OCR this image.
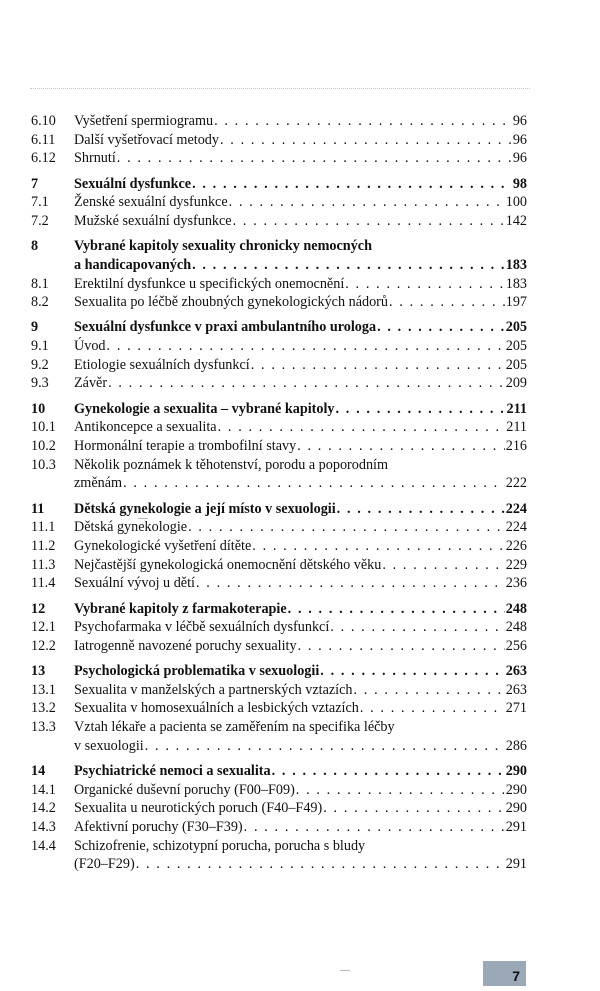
6.10 Vyšetření spermiogramu . . .	96
6.11 Další vyšetřovací metody . . .	96
6.12 Shrnutí . . .	96
7	Sexuální dysfunkce . . .	98
7.1 Ženské sexuální dysfunkce . . .	100
7.2 Mužské sexuální dysfunkce . . .	142
8	Vybrané kapitoly sexuality chronicky nemocných
a handicapovaných . . .	183
8.1 Erektilní dysfunkce u specifických onemocnění . . .	183
8.2 Sexualita po léčbě zhoubných gynekologických nádorů . . .	197
9	Sexuální dysfunkce v praxi ambulantního urologa . . .	205
9.1 Úvod . . .	205
9.2 Etiologie sexuálních dysfunkcí . . .	205
9.3 Závěr . . .	209
10 Gynekologie a sexualita – vybrané kapitoly . . .	211
10.1 Antikoncepce a sexualita . . .	211
10.2 Hormonální terapie a trombofilní stavy . . .	216
10.3 Několik poznámek k těhotenství, porodu a poporodním
změnám . . .	222
11 Dětská gynekologie a její místo v sexuologii . . .	224
11.1 Dětská gynekologie . . .	224
11.2 Gynekologické vyšetření dítěte . . .	226
11.3 Nejčastější gynekologická onemocnění dětského věku . . .	229
11.4 Sexuální vývoj u dětí . . .	236
12 Vybrané kapitoly z farmakoterapie . . .	248
12.1 Psychofarmaka v léčbě sexuálních dysfunkcí . . .	248
12.2 Iatrogenně navozené poruchy sexuality . . .	256
13 Psychologická problematika v sexuologii . . .	263
13.1 Sexualita v manželských a partnerských vztazích . . .	263
13.2 Sexualita v homosexuálních a lesbických vztazích . . .	271
13.3 Vztah lékaře a pacienta se zaměřením na specifika léčby
v sexuologii . . .	286
14 Psychiatrické nemoci a sexualita . . .	290
14.1 Organické duševní poruchy (F00–F09) . . .	290
14.2 Sexualita u neurotických poruch (F40–F49) . . .	290
14.3 Afektivní poruchy (F30–F39) . . .	291
14.4 Schizofrenie, schizotypní porucha, porucha s bludy
(F20–F29) . . .	291
7
